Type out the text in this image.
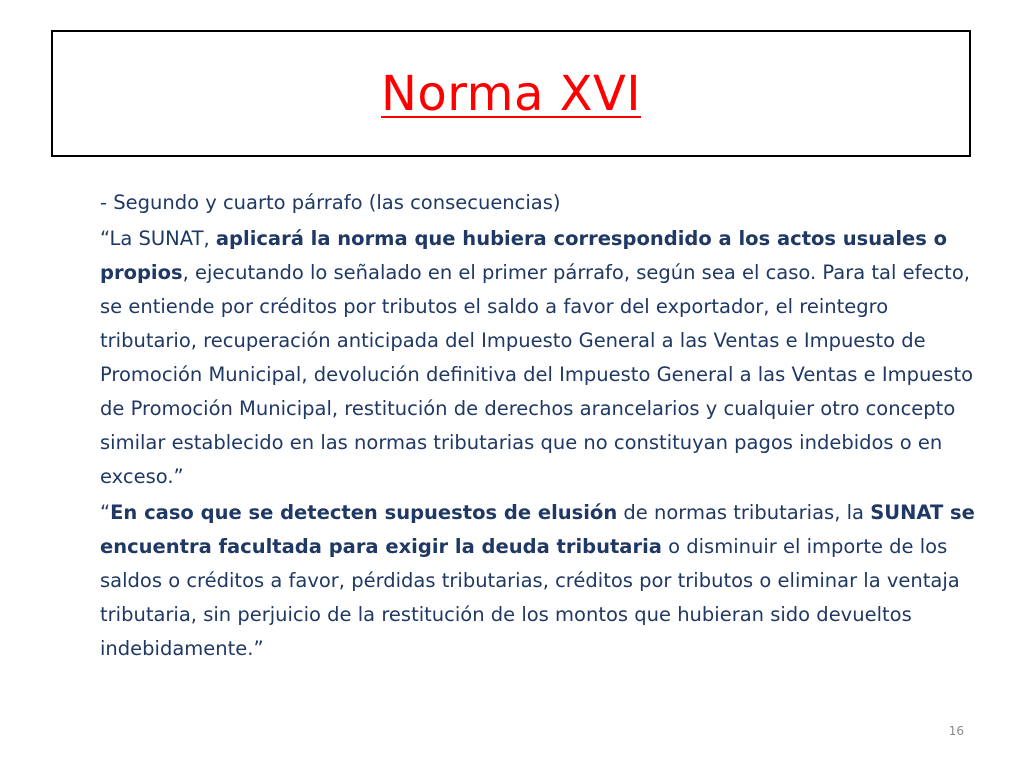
Norma XVI

- Segundo y cuarto párrafo (las consecuencias)

“La SUNAT, aplicará la norma que hubiera correspondido a los actos usuales o propios, ejecutando lo señalado en el primer párrafo, según sea el caso. Para tal efecto, se entiende por créditos por tributos el saldo a favor del exportador, el reintegro tributario, recuperación anticipada del Impuesto General a las Ventas e Impuesto de Promoción Municipal, devolución definitiva del Impuesto General a las Ventas e Impuesto de Promoción Municipal, restitución de derechos arancelarios y cualquier otro concepto similar establecido en las normas tributarias que no constituyan pagos indebidos o en exceso.”

“En caso que se detecten supuestos de elusión de normas tributarias, la SUNAT se encuentra facultada para exigir la deuda tributaria o disminuir el importe de los saldos o créditos a favor, pérdidas tributarias, créditos por tributos o eliminar la ventaja tributaria, sin perjuicio de la restitución de los montos que hubieran sido devueltos indebidamente.”

16
